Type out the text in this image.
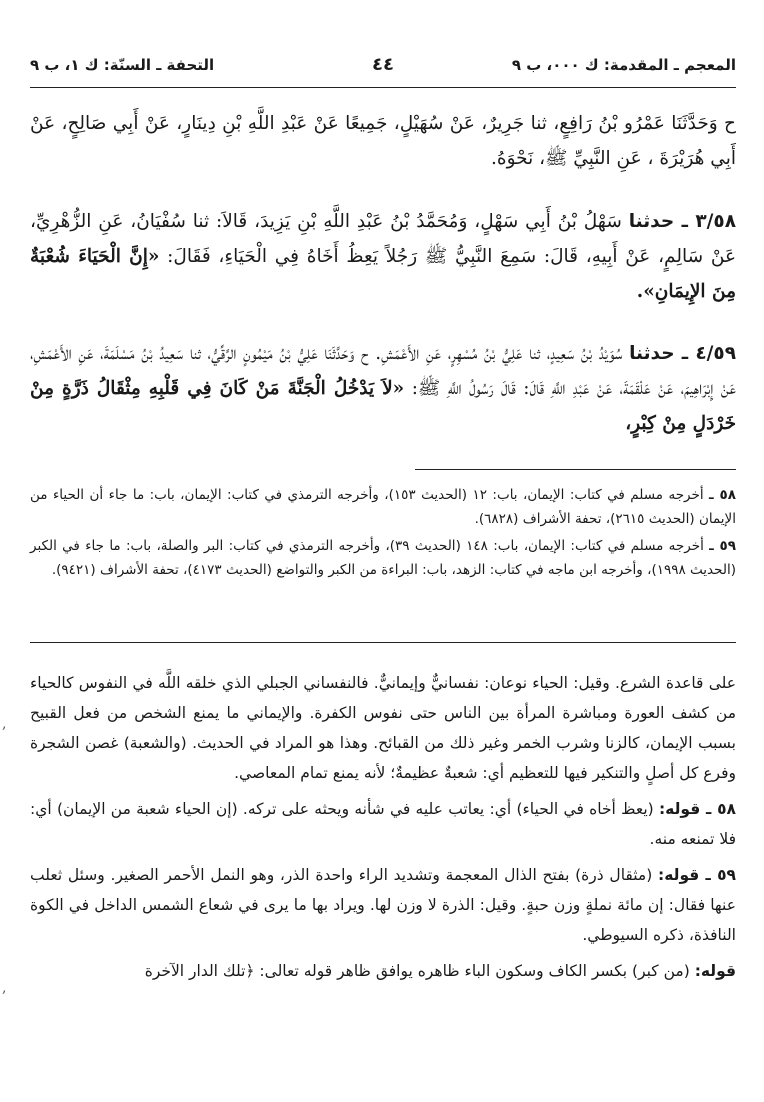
المعجم ـ المقدمة: ك ٠٠٠، ب ٩
٤٤
التحفة ـ السنّة: ك ١، ب ٩
ح وَحَدَّثَنَا عَمْرُو بْنُ رَافِعٍ، ثنا جَرِيرٌ، عَنْ سُهَيْلٍ، جَمِيعًا عَنْ عَبْدِ اللَّهِ بْنِ دِينَارٍ، عَنْ أَبِي صَالِحٍ، عَنْ أَبِي هُرَيْرَةَ ، عَنِ النَّبِيِّ ﷺ، نَحْوَهُ.
٣/٥٨ ـ حدثنا سَهْلُ بْنُ أَبِي سَهْلٍ، وَمُحَمَّدُ بْنُ عَبْدِ اللَّهِ بْنِ يَزِيدَ، قَالاَ: ثنا سُفْيَانُ، عَنِ الزُّهْرِيِّ، عَنْ سَالِمٍ، عَنْ أَبِيهِ، قَالَ: سَمِعَ النَّبِيُّ ﷺ رَجُلاً يَعِظُ أَخَاهُ فِي الْحَيَاءِ، فَقَالَ: «إِنَّ الْحَيَاءَ شُعْبَةٌ مِنَ الإِيمَانِ».
٤/٥٩ ـ حدثنا سُوَيْدُ بْنُ سَعِيدٍ، ثنا عَلِيُّ بْنُ مُسْهِرٍ، عَنِ الأَعْمَشِ. ح وَحَدَّثَنَا عَلِيُّ بْنُ مَيْمُونٍ الرَّقِّيُّ، ثنا سَعِيدُ بْنُ مَسْلَمَةَ، عَنِ الأَعْمَشِ، عَنْ إِبْرَاهِيمَ، عَنْ عَلْقَمَةَ، عَنْ عَبْدِ اللَّهِ قَالَ: قَالَ رَسُولُ اللَّهِ ﷺ: «لاَ يَدْخُلُ الْجَنَّةَ مَنْ كَانَ فِي قَلْبِهِ مِثْقَالُ ذَرَّةٍ مِنْ خَرْدَلٍ مِنْ كِبْرٍ،

٥٨ ـ أخرجه مسلم في كتاب: الإيمان، باب: ١٢ (الحديث ١٥٣)، وأخرجه الترمذي في كتاب: الإيمان، باب: ما جاء أن الحياء من الإيمان (الحديث ٢٦١٥)، تحفة الأشراف (٦٨٢٨).

٥٩ ـ أخرجه مسلم في كتاب: الإيمان، باب: ١٤٨ (الحديث ٣٩)، وأخرجه الترمذي في كتاب: البر والصلة، باب: ما جاء في الكبر (الحديث ١٩٩٨)، وأخرجه ابن ماجه في كتاب: الزهد، باب: البراءة من الكبر والتواضع (الحديث ٤١٧٣)، تحفة الأشراف (٩٤٢١).

على قاعدة الشرع. وقيل: الحياء نوعان: نفسانيٌّ وإيمانيٌّ. فالنفساني الجبلي الذي خلقه اللَّه في النفوس كالحياء من كشف العورة ومباشرة المرأة بين الناس حتى نفوس الكفرة. والإيماني ما يمنع الشخص من فعل القبيح بسبب الإيمان، كالزنا وشرب الخمر وغير ذلك من القبائح. وهذا هو المراد في الحديث. (والشعبة) غصن الشجرة وفرع كل أصلٍ والتنكير فيها للتعظيم أي: شعبةٌ عظيمةٌ؛ لأنه يمنع تمام المعاصي.

٥٨ ـ قوله: (يعظ أخاه في الحياء) أي: يعاتب عليه في شأنه ويحثه على تركه. (إن الحياء شعبة من الإيمان) أي: فلا تمنعه منه.

٥٩ ـ قوله: (مثقال ذرة) بفتح الذال المعجمة وتشديد الراء واحدة الذر، وهو النمل الأحمر الصغير. وسئل ثعلب عنها فقال: إن مائة نملةٍ وزن حبةٍ. وقيل: الذرة لا وزن لها. ويراد بها ما يرى في شعاع الشمس الداخل في الكوة النافذة، ذكره السيوطي.

قوله: (من كبر) بكسر الكاف وسكون الباء ظاهره يوافق ظاهر قوله تعالى: ﴿تلك الدار الآخرة

,
,
